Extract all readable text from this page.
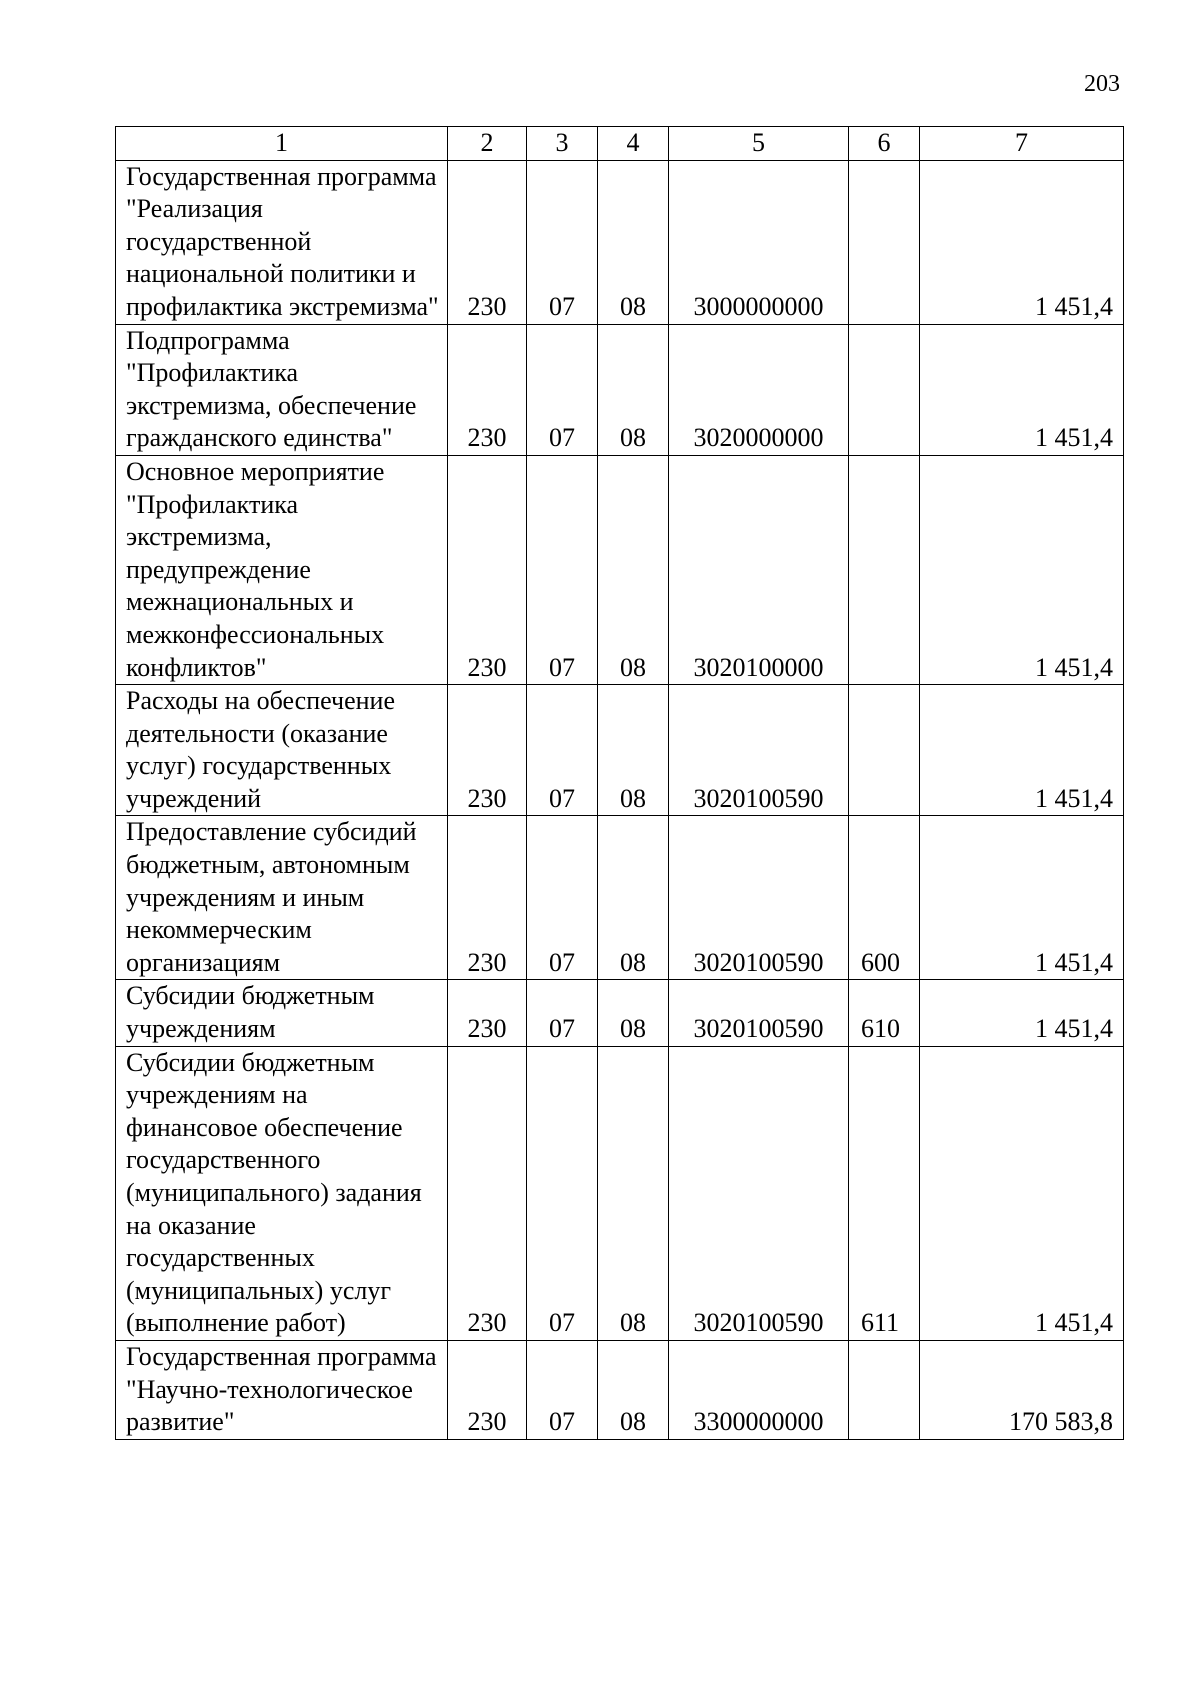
203
1	2	3	4	5	6	7
Государственная программа "Реализация государственной национальной политики и профилактика экстремизма"	230	07	08	3000000000		1 451,4
Подпрограмма "Профилактика экстремизма, обеспечение гражданского единства"	230	07	08	3020000000		1 451,4
Основное мероприятие "Профилактика экстремизма, предупреждение межнациональных и межконфессиональных конфликтов"	230	07	08	3020100000		1 451,4
Расходы на обеспечение деятельности (оказание услуг) государственных учреждений	230	07	08	3020100590		1 451,4
Предоставление субсидий бюджетным, автономным учреждениям и иным некоммерческим организациям	230	07	08	3020100590	600	1 451,4
Субсидии бюджетным учреждениям	230	07	08	3020100590	610	1 451,4
Субсидии бюджетным учреждениям на финансовое обеспечение государственного (муниципального) задания на оказание государственных (муниципальных) услуг (выполнение работ)	230	07	08	3020100590	611	1 451,4
Государственная программа "Научно-технологическое развитие"	230	07	08	3300000000		170 583,8
